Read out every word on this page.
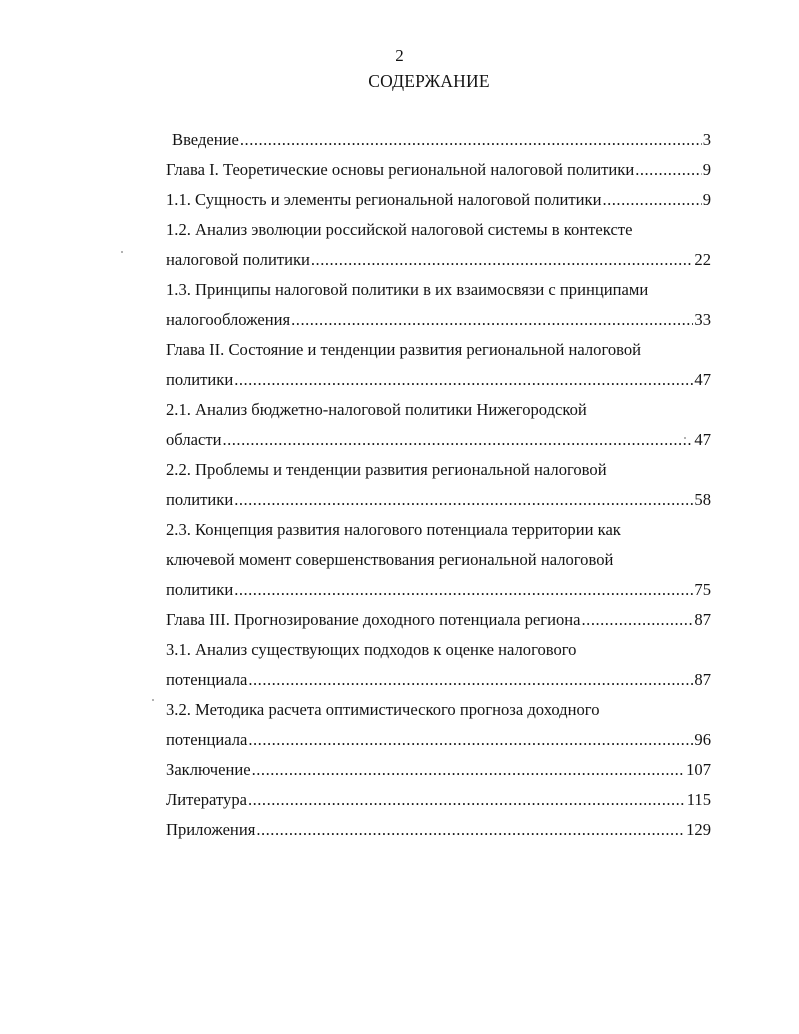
2
СОДЕРЖАНИЕ
Введение .....	3
Глава I. Теоретические основы региональной налоговой политики .....	9
1.1. Сущность и элементы региональной налоговой политики .....	9
1.2. Анализ эволюции российской налоговой системы в контексте
налоговой политики .....	22
1.3. Принципы налоговой политики в их взаимосвязи с принципами
налогообложения .....	33
Глава II. Состояние и тенденции развития региональной налоговой
политики .....	47
2.1. Анализ бюджетно-налоговой политики Нижегородской
области .....	47
2.2. Проблемы и тенденции развития региональной налоговой
политики .....	58
2.3. Концепция развития налогового потенциала территории как
ключевой момент совершенствования региональной налоговой
политики .....	75
Глава III. Прогнозирование доходного потенциала региона .....	87
3.1. Анализ существующих подходов к оценке налогового
потенциала .....	87
3.2. Методика расчета оптимистического прогноза доходного
потенциала .....	96
Заключение .....	107
Литература .....	115
Приложения .....	129
